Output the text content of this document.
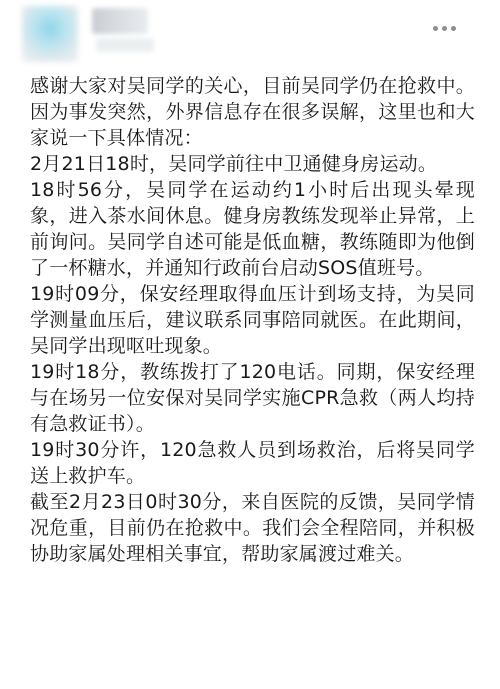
感谢大家对吴同学的关心，目前吴同学仍在抢救中。因为事发突然，外界信息存在很多误解，这里也和大家说一下具体情况：

2月21日18时，吴同学前往中卫通健身房运动。

18时56分，吴同学在运动约1小时后出现头晕现象，进入茶水间休息。健身房教练发现举止异常，上前询问。吴同学自述可能是低血糖，教练随即为他倒了一杯糖水，并通知行政前台启动SOS值班号。

19时09分，保安经理取得血压计到场支持，为吴同学测量血压后，建议联系同事陪同就医。在此期间，吴同学出现呕吐现象。

19时18分，教练拨打了120电话。同期，保安经理与在场另一位安保对吴同学实施CPR急救（两人均持有急救证书）。

19时30分许，120急救人员到场救治，后将吴同学送上救护车。

截至2月23日0时30分，来自医院的反馈，吴同学情况危重，目前仍在抢救中。我们会全程陪同，并积极协助家属处理相关事宜，帮助家属渡过难关。
